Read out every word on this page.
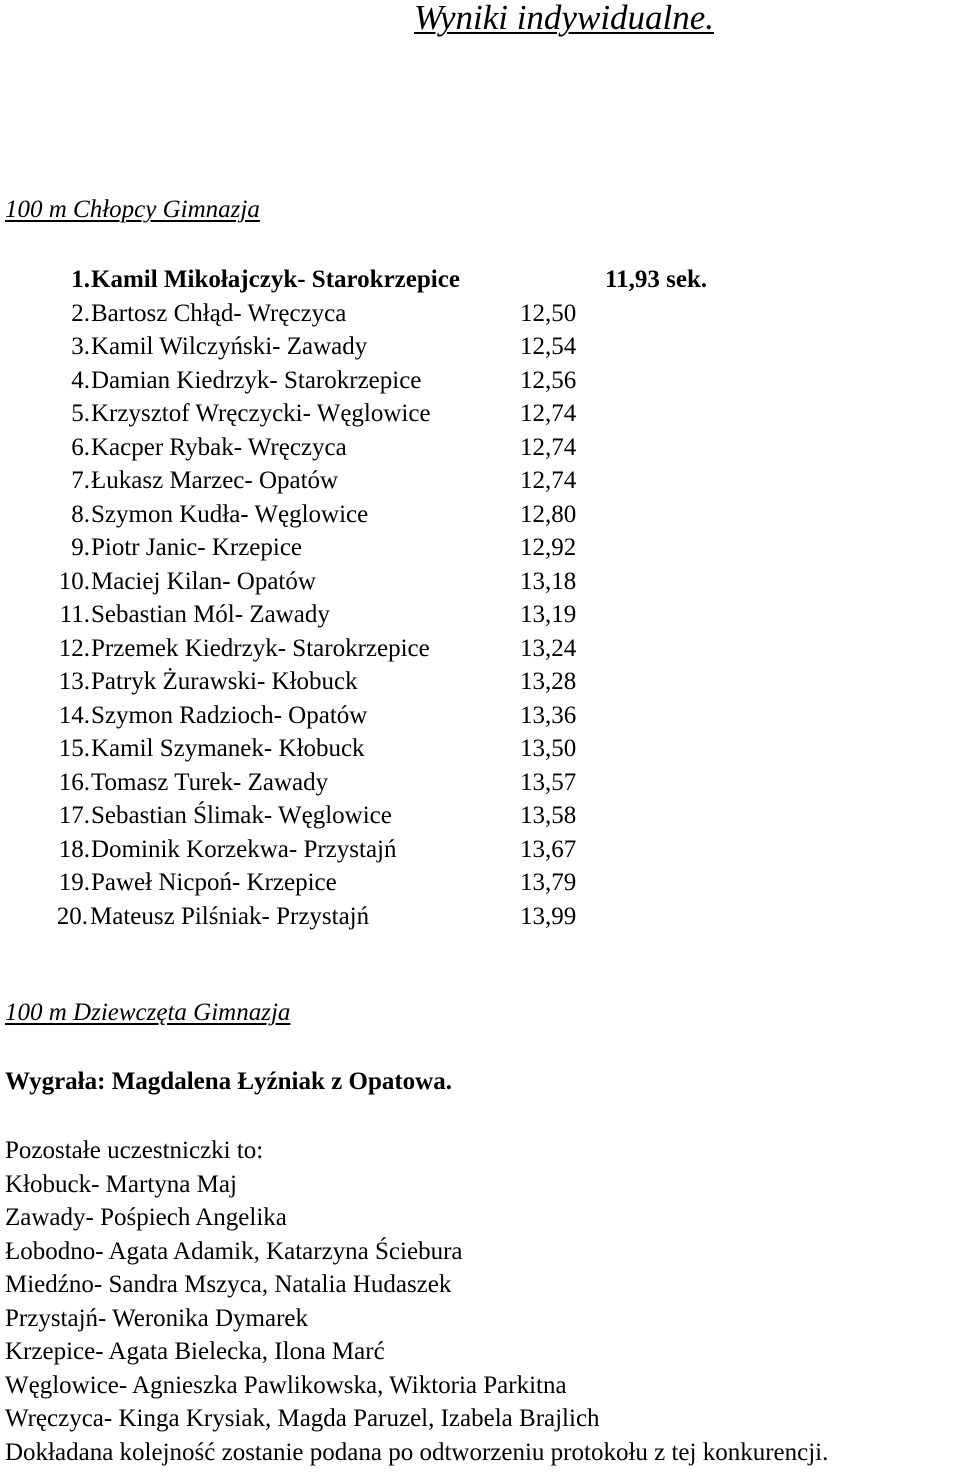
Wyniki indywidualne.
100 m Chłopcy Gimnazja
1. Kamil Mikołajczyk- Starokrzepice	11,93 sek.
2. Bartosz Chłąd- Wręczyca	12,50
3. Kamil Wilczyński- Zawady	12,54
4. Damian Kiedrzyk- Starokrzepice	12,56
5. Krzysztof Wręczycki- Węglowice	12,74
6. Kacper Rybak- Wręczyca	12,74
7. Łukasz Marzec- Opatów	12,74
8. Szymon Kudła- Węglowice	12,80
9. Piotr Janic- Krzepice	12,92
10. Maciej Kilan- Opatów	13,18
11. Sebastian Mól- Zawady	13,19
12. Przemek Kiedrzyk- Starokrzepice	13,24
13. Patryk Żurawski- Kłobuck	13,28
14. Szymon Radzioch- Opatów	13,36
15. Kamil Szymanek- Kłobuck	13,50
16. Tomasz Turek- Zawady	13,57
17. Sebastian Ślimak- Węglowice	13,58
18. Dominik Korzekwa- Przystajń	13,67
19. Paweł Nicpoń- Krzepice	13,79
20. Mateusz Pilśniak- Przystajń	13,99
100 m Dziewczęta Gimnazja

Wygrała: Magdalena Łyźniak z Opatowa.

Pozostałe uczestniczki to:
Kłobuck- Martyna Maj
Zawady- Pośpiech Angelika
Łobodno- Agata Adamik, Katarzyna Ściebura
Miedźno- Sandra Mszyca, Natalia Hudaszek
Przystajń- Weronika Dymarek
Krzepice- Agata Bielecka, Ilona Marć
Węglowice- Agnieszka Pawlikowska, Wiktoria Parkitna
Wręczyca- Kinga Krysiak, Magda Paruzel, Izabela Brajlich
Dokładana kolejność zostanie podana po odtworzeniu protokołu z tej konkurencji.
